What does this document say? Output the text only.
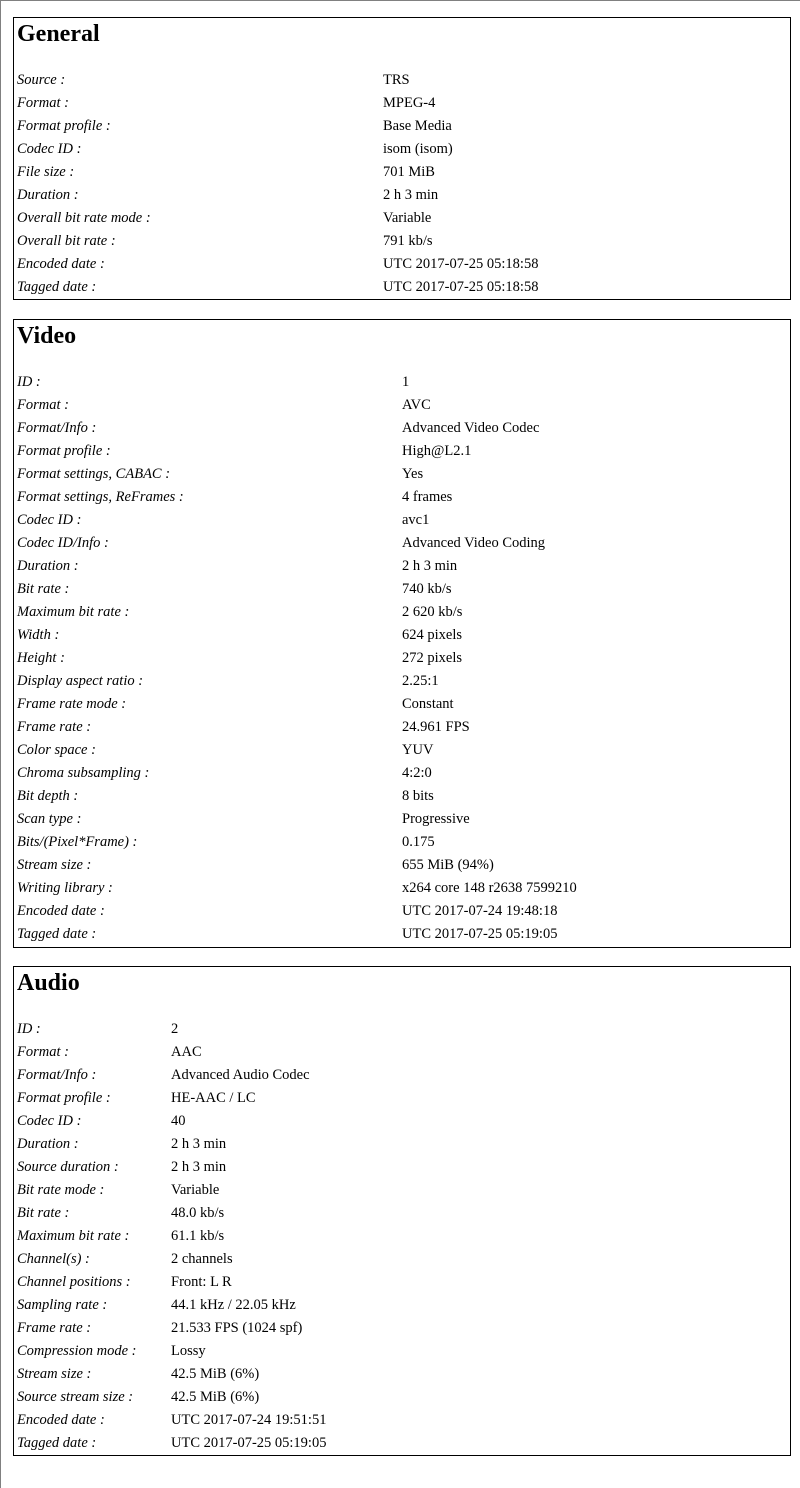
General
Source :	TRS
Format :	MPEG-4
Format profile :	Base Media
Codec ID :	isom (isom)
File size :	701 MiB
Duration :	2 h 3 min
Overall bit rate mode :	Variable
Overall bit rate :	791 kb/s
Encoded date :	UTC 2017-07-25 05:18:58
Tagged date :	UTC 2017-07-25 05:18:58
Video
ID :	1
Format :	AVC
Format/Info :	Advanced Video Codec
Format profile :	High@L2.1
Format settings, CABAC :	Yes
Format settings, ReFrames :	4 frames
Codec ID :	avc1
Codec ID/Info :	Advanced Video Coding
Duration :	2 h 3 min
Bit rate :	740 kb/s
Maximum bit rate :	2 620 kb/s
Width :	624 pixels
Height :	272 pixels
Display aspect ratio :	2.25:1
Frame rate mode :	Constant
Frame rate :	24.961 FPS
Color space :	YUV
Chroma subsampling :	4:2:0
Bit depth :	8 bits
Scan type :	Progressive
Bits/(Pixel*Frame) :	0.175
Stream size :	655 MiB (94%)
Writing library :	x264 core 148 r2638 7599210
Encoded date :	UTC 2017-07-24 19:48:18
Tagged date :	UTC 2017-07-25 05:19:05
Audio
ID :	2
Format :	AAC
Format/Info :	Advanced Audio Codec
Format profile :	HE-AAC / LC
Codec ID :	40
Duration :	2 h 3 min
Source duration :	2 h 3 min
Bit rate mode :	Variable
Bit rate :	48.0 kb/s
Maximum bit rate :	61.1 kb/s
Channel(s) :	2 channels
Channel positions :	Front: L R
Sampling rate :	44.1 kHz / 22.05 kHz
Frame rate :	21.533 FPS (1024 spf)
Compression mode : Lossy
Stream size :	42.5 MiB (6%)
Source stream size :	42.5 MiB (6%)
Encoded date :	UTC 2017-07-24 19:51:51
Tagged date :	UTC 2017-07-25 05:19:05
